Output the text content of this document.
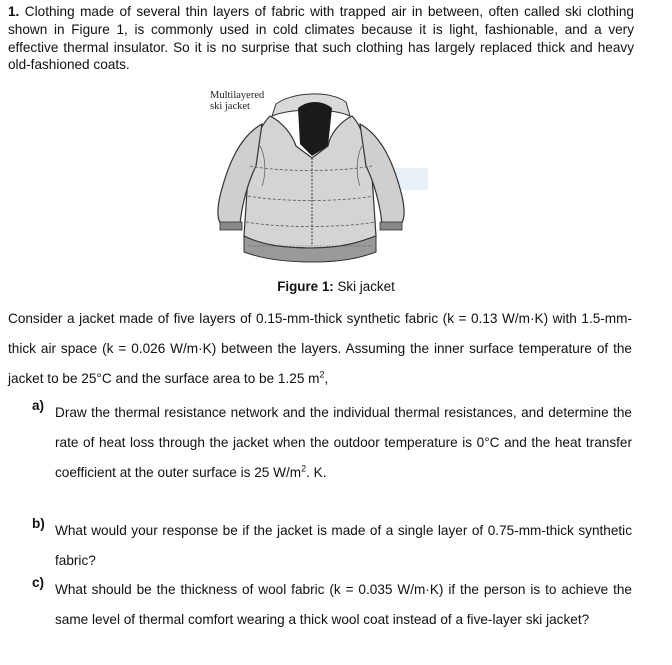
1. Clothing made of several thin layers of fabric with trapped air in between, often called ski clothing shown in Figure 1, is commonly used in cold climates because it is light, fashionable, and a very effective thermal insulator. So it is no surprise that such clothing has largely replaced thick and heavy old-fashioned coats.

Multilayered
ski jacket
Figure 1: Ski jacket

Consider a jacket made of five layers of 0.15-mm-thick synthetic fabric (k = 0.13 W/m·K) with 1.5-mm-thick air space (k = 0.026 W/m·K) between the layers. Assuming the inner surface temperature of the jacket to be 25°C and the surface area to be 1.25 $m^2$,

a) Draw the thermal resistance network and the individual thermal resistances, and determine the rate of heat loss through the jacket when the outdoor temperature is 0°C and the heat transfer coefficient at the outer surface is 25 $W/m^2$. K.
b) What would your response be if the jacket is made of a single layer of 0.75-mm-thick synthetic fabric?
c) What should be the thickness of wool fabric (k = 0.035 W/m·K) if the person is to achieve the same level of thermal comfort wearing a thick wool coat instead of a five-layer ski jacket?
